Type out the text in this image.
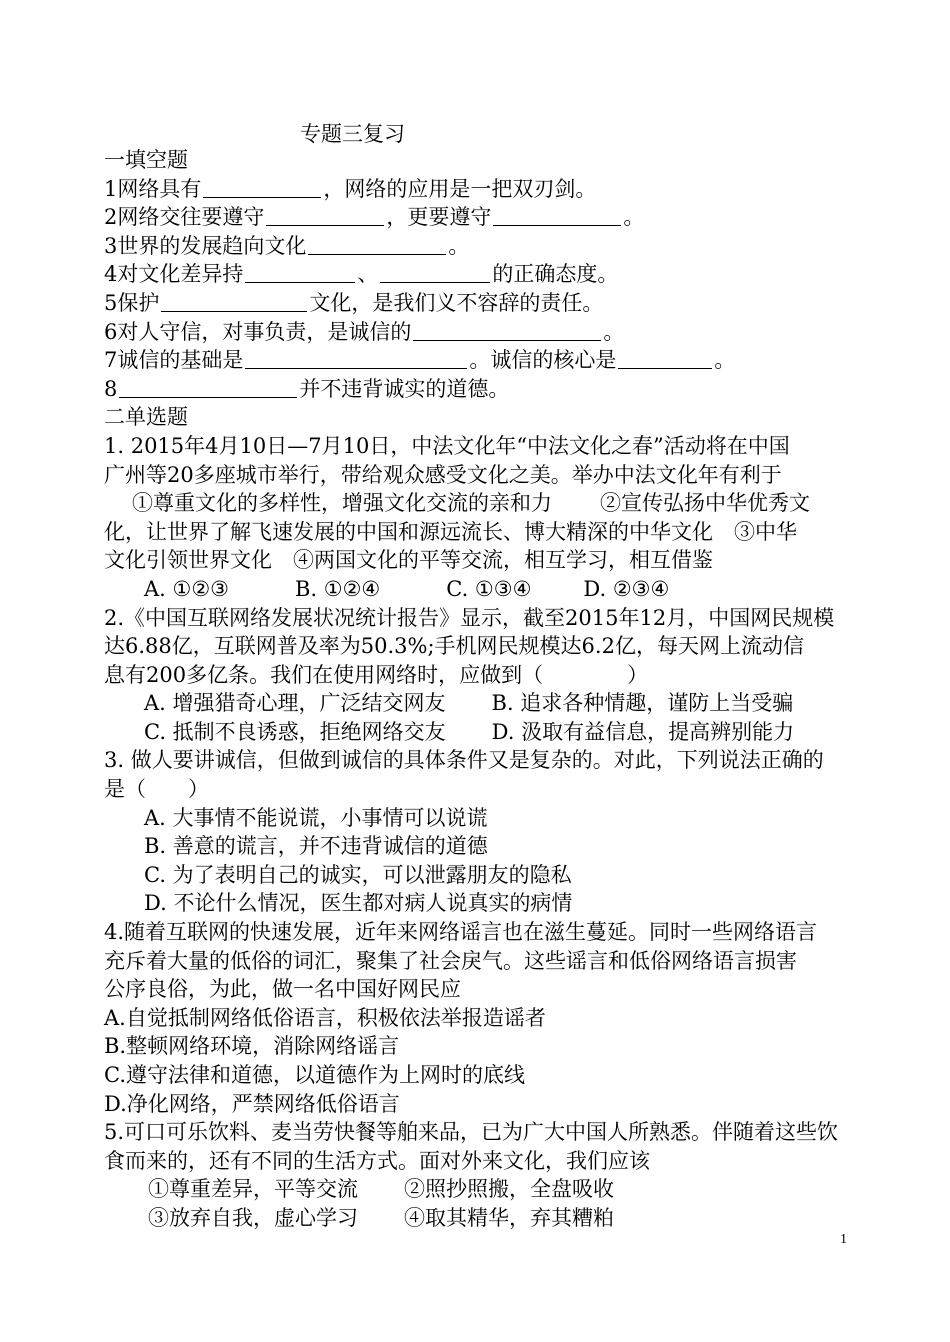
专题三复习
一填空题
1网络具有	，网络的应用是一把双刃剑。
2网络交往要遵守	，更要遵守	。
3世界的发展趋向文化	。
4对文化差异持	、	的正确态度。
5保护	文化，是我们义不容辞的责任。
6对人守信，对事负责，是诚信的	。
7诚信的基础是	。诚信的核心是	。
8	并不违背诚实的道德。
二单选题
1. 2015年4月10日—7月10日，中法文化年“中法文化之春”活动将在中国
广州等20多座城市举行，带给观众感受文化之美。举办中法文化年有利于
①尊重文化的多样性，增强文化交流的亲和力 ②宣传弘扬中华优秀文
化，让世界了解飞速发展的中国和源远流长、博大精深的中华文化　③中华
文化引领世界文化　④两国文化的平等交流，相互学习，相互借鉴
A. ①②③	B. ①②④	C. ①③④ D. ②③④
2.《中国互联网络发展状况统计报告》显示，截至2015年12月，中国网民规模
达6.88亿，互联网普及率为50.3%;手机网民规模达6.2亿，每天网上流动信
息有200多亿条。我们在使用网络时，应做到（　　　　）
A. 增强猎奇心理，广泛结交网友 B. 追求各种情趣，谨防上当受骗
C. 抵制不良诱惑，拒绝网络交友 D. 汲取有益信息，提高辨别能力
3. 做人要讲诚信，但做到诚信的具体条件又是复杂的。对此，下列说法正确的
是（　　）
A. 大事情不能说谎，小事情可以说谎
B. 善意的谎言，并不违背诚信的道德
C. 为了表明自己的诚实，可以泄露朋友的隐私
D. 不论什么情况，医生都对病人说真实的病情
4.随着互联网的快速发展，近年来网络谣言也在滋生蔓延。同时一些网络语言
充斥着大量的低俗的词汇，聚集了社会戾气。这些谣言和低俗网络语言损害
公序良俗，为此，做一名中国好网民应
A.自觉抵制网络低俗语言，积极依法举报造谣者
B.整顿网络环境，消除网络谣言
C.遵守法律和道德，以道德作为上网时的底线
D.净化网络，严禁网络低俗语言
5.可口可乐饮料、麦当劳快餐等舶来品，已为广大中国人所熟悉。伴随着这些饮
食而来的，还有不同的生活方式。面对外来文化，我们应该
①尊重差异，平等交流 ②照抄照搬，全盘吸收
③放弃自我，虚心学习 ④取其精华，弃其糟粕
1
